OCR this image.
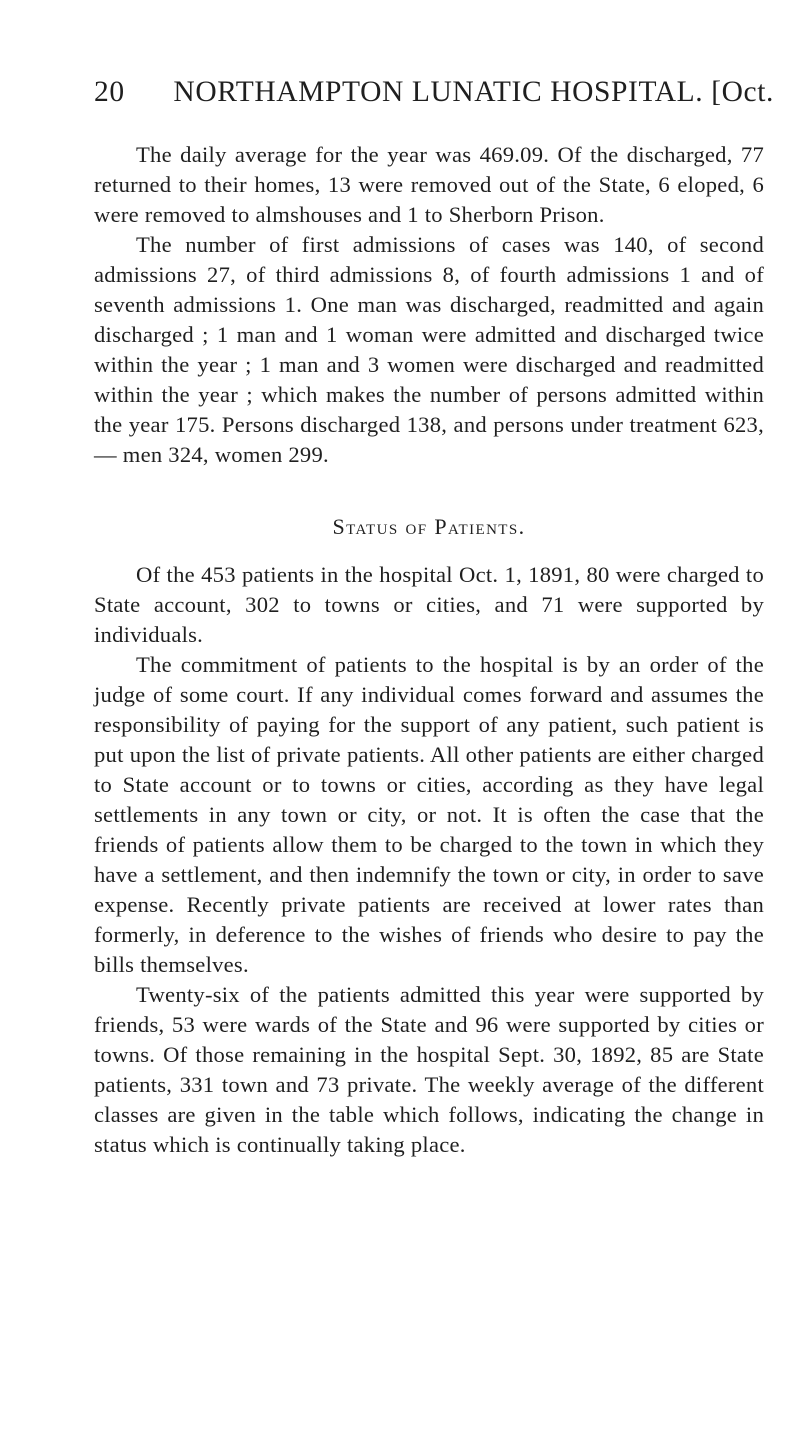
20	NORTHAMPTON LUNATIC HOSPITAL. [Oct.

The daily average for the year was 469.09. Of the discharged, 77 returned to their homes, 13 were removed out of the State, 6 eloped, 6 were removed to almshouses and 1 to Sherborn Prison.

The number of first admissions of cases was 140, of second admissions 27, of third admissions 8, of fourth admissions 1 and of seventh admissions 1. One man was discharged, readmitted and again discharged ; 1 man and 1 woman were admitted and discharged twice within the year ; 1 man and 3 women were discharged and readmitted within the year ; which makes the number of persons admitted within the year 175. Persons discharged 138, and persons under treatment 623, — men 324, women 299.

Status of Patients.

Of the 453 patients in the hospital Oct. 1, 1891, 80 were charged to State account, 302 to towns or cities, and 71 were supported by individuals.

The commitment of patients to the hospital is by an order of the judge of some court. If any individual comes forward and assumes the responsibility of paying for the support of any patient, such patient is put upon the list of private patients. All other patients are either charged to State account or to towns or cities, according as they have legal settlements in any town or city, or not. It is often the case that the friends of patients allow them to be charged to the town in which they have a settlement, and then indemnify the town or city, in order to save expense. Recently private patients are received at lower rates than formerly, in deference to the wishes of friends who desire to pay the bills themselves.

Twenty-six of the patients admitted this year were supported by friends, 53 were wards of the State and 96 were supported by cities or towns. Of those remaining in the hospital Sept. 30, 1892, 85 are State patients, 331 town and 73 private. The weekly average of the different classes are given in the table which follows, indicating the change in status which is continually taking place.
